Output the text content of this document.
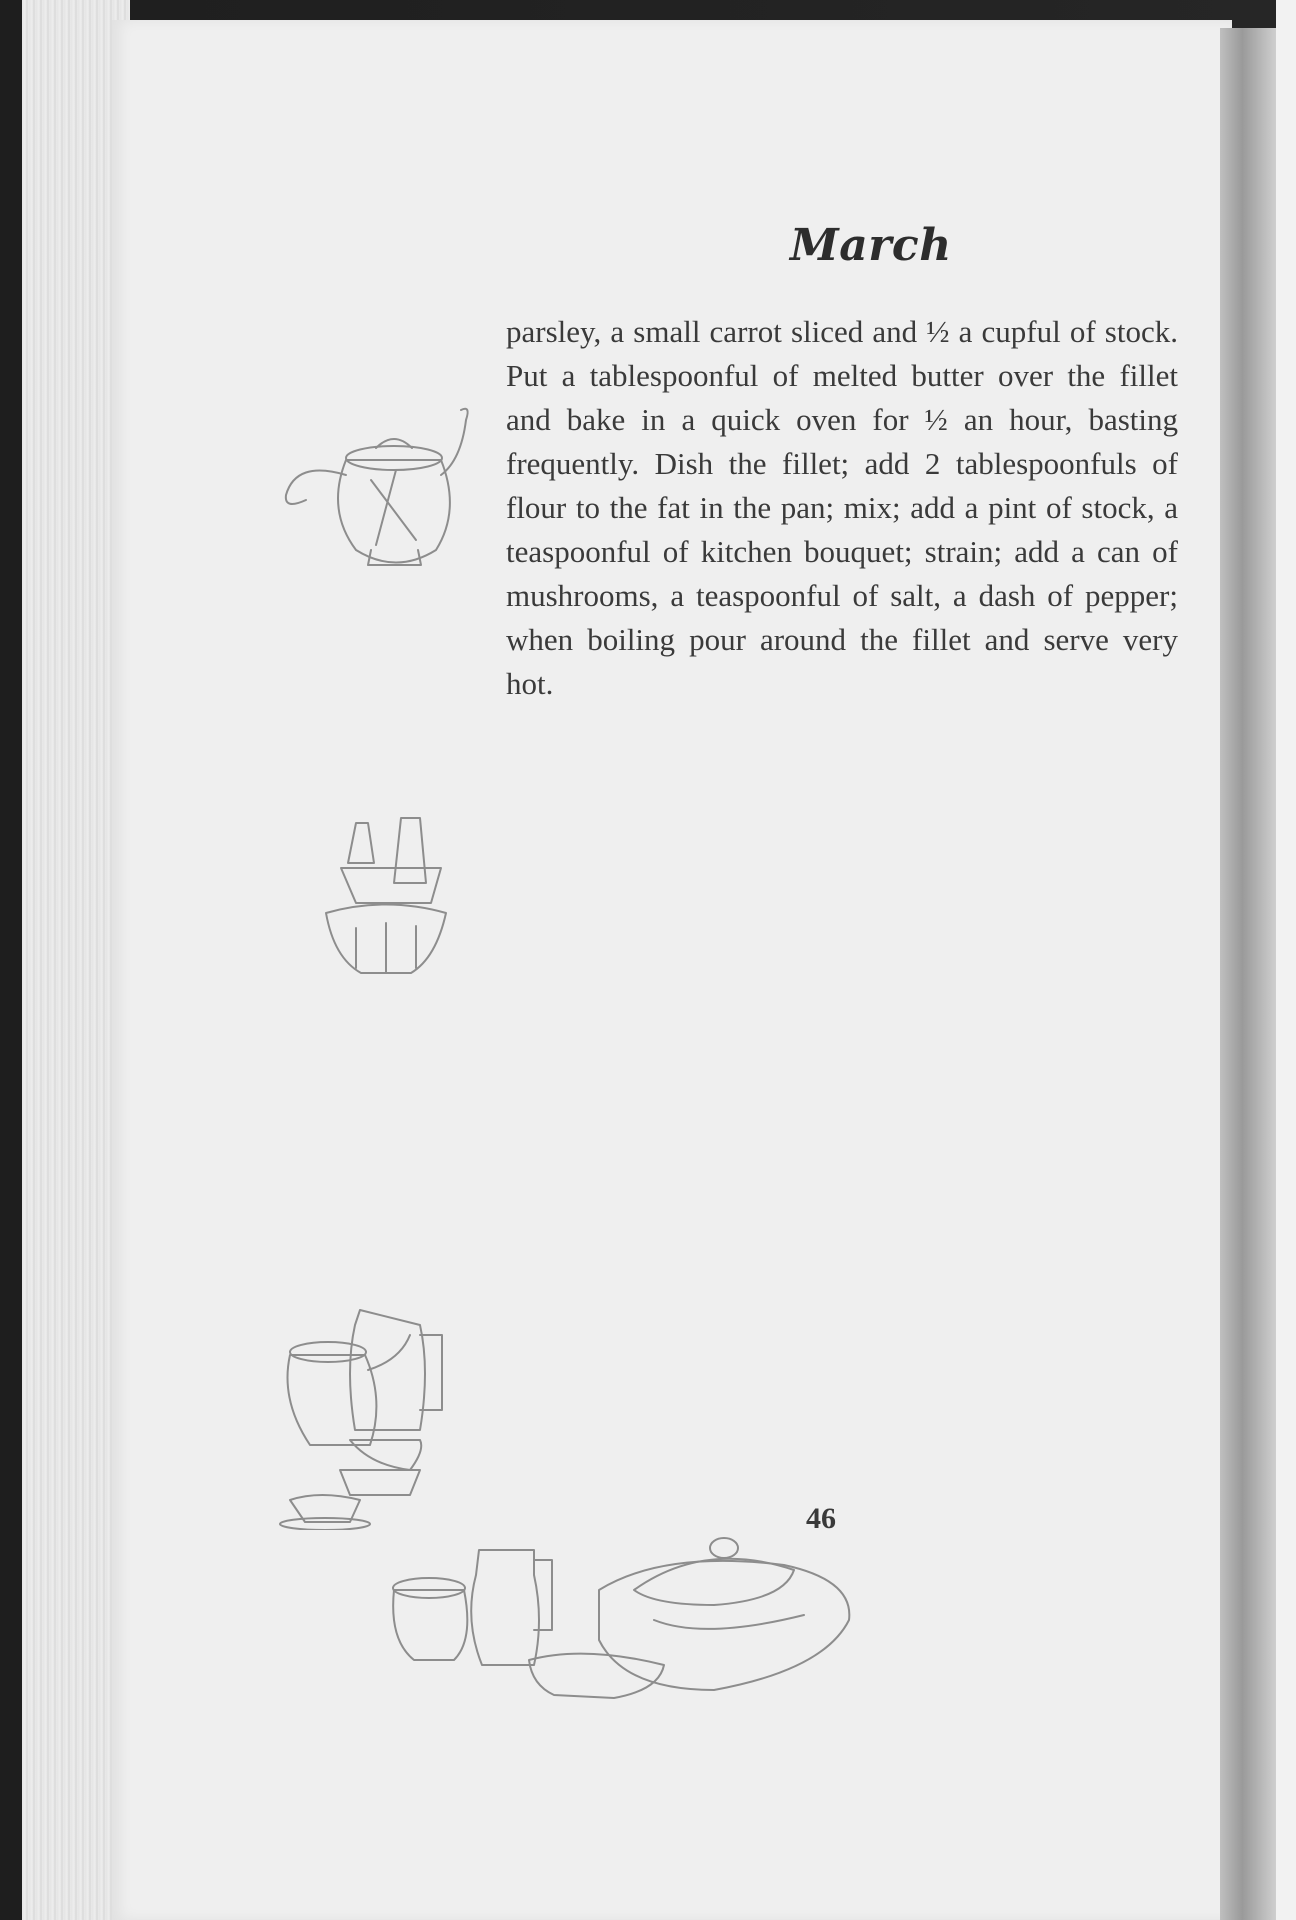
March

parsley, a small carrot sliced and ½ a cupful of stock. Put a tablespoonful of melted butter over the fillet and bake in a quick oven for ½ an hour, basting frequently. Dish the fillet; add 2 tablespoonfuls of flour to the fat in the pan; mix; add a pint of stock, a teaspoonful of kitchen bouquet; strain; add a can of mushrooms, a teaspoonful of salt, a dash of pepper; when boiling pour around the fillet and serve very hot.

46
